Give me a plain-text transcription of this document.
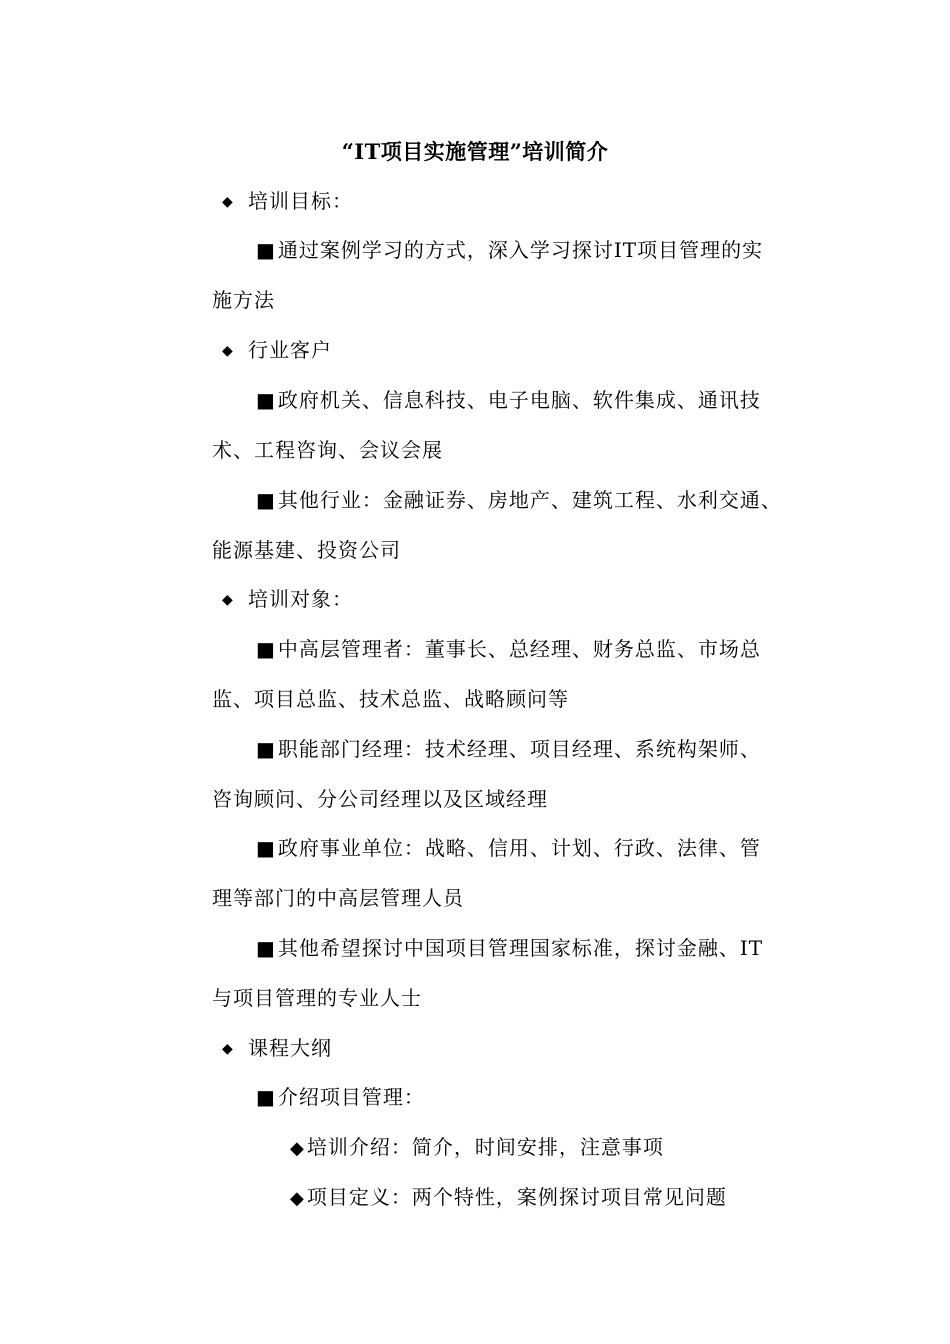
“IT项目实施管理”培训简介
◆ 培训目标：
■ 通过案例学习的方式，深入学习探讨IT项目管理的实
施方法
◆ 行业客户
■ 政府机关、信息科技、电子电脑、软件集成、通讯技
术、工程咨询、会议会展
■ 其他行业：金融证券、房地产、建筑工程、水利交通、
能源基建、投资公司
◆ 培训对象：
■ 中高层管理者：董事长、总经理、财务总监、市场总
监、项目总监、技术总监、战略顾问等
■ 职能部门经理：技术经理、项目经理、系统构架师、
咨询顾问、分公司经理以及区域经理
■ 政府事业单位：战略、信用、计划、行政、法律、管
理等部门的中高层管理人员
■ 其他希望探讨中国项目管理国家标准，探讨金融、IT
与项目管理的专业人士
◆ 课程大纲
■ 介绍项目管理：
◆ 培训介绍：简介，时间安排，注意事项
◆ 项目定义：两个特性，案例探讨项目常见问题
